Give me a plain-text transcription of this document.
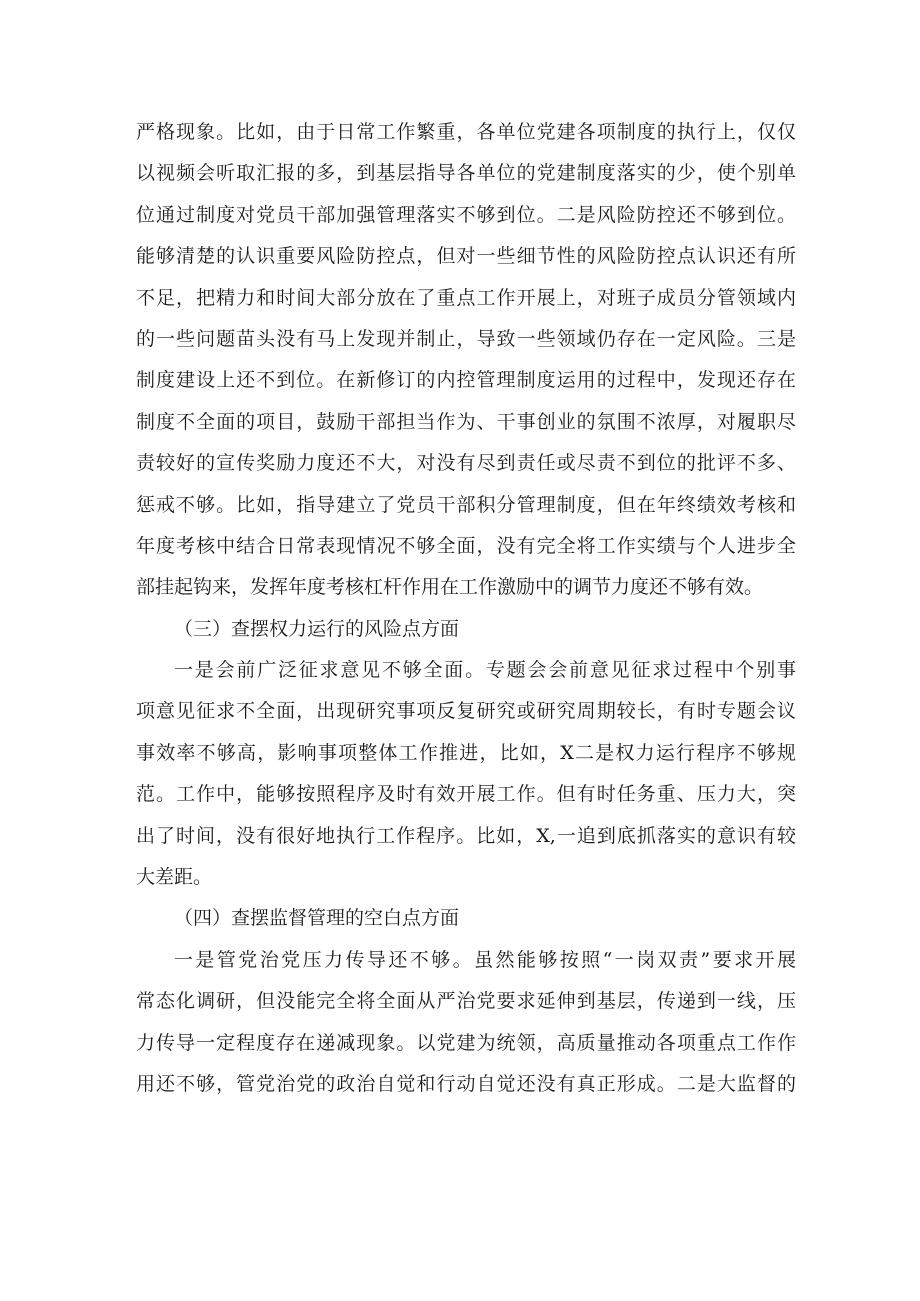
严格现象。比如，由于日常工作繁重，各单位党建各项制度的执行上，仅仅
以视频会听取汇报的多，到基层指导各单位的党建制度落实的少，使个别单
位通过制度对党员干部加强管理落实不够到位。二是风险防控还不够到位。
能够清楚的认识重要风险防控点，但对一些细节性的风险防控点认识还有所
不足，把精力和时间大部分放在了重点工作开展上，对班子成员分管领域内
的一些问题苗头没有马上发现并制止，导致一些领域仍存在一定风险。三是
制度建设上还不到位。在新修订的内控管理制度运用的过程中，发现还存在
制度不全面的项目，鼓励干部担当作为、干事创业的氛围不浓厚，对履职尽
责较好的宣传奖励力度还不大，对没有尽到责任或尽责不到位的批评不多、
惩戒不够。比如，指导建立了党员干部积分管理制度，但在年终绩效考核和
年度考核中结合日常表现情况不够全面，没有完全将工作实绩与个人进步全
部挂起钩来，发挥年度考核杠杆作用在工作激励中的调节力度还不够有效。
（三）查摆权力运行的风险点方面
一是会前广泛征求意见不够全面。专题会会前意见征求过程中个别事
项意见征求不全面，出现研究事项反复研究或研究周期较长，有时专题会议
事效率不够高，影响事项整体工作推进，比如，X二是权力运行程序不够规
范。工作中，能够按照程序及时有效开展工作。但有时任务重、压力大，突
出了时间，没有很好地执行工作程序。比如，X,一追到底抓落实的意识有较
大差距。
（四）查摆监督管理的空白点方面
一是管党治党压力传导还不够。虽然能够按照“一岗双责”要求开展
常态化调研，但没能完全将全面从严治党要求延伸到基层，传递到一线，压
力传导一定程度存在递减现象。以党建为统领，高质量推动各项重点工作作
用还不够，管党治党的政治自觉和行动自觉还没有真正形成。二是大监督的
